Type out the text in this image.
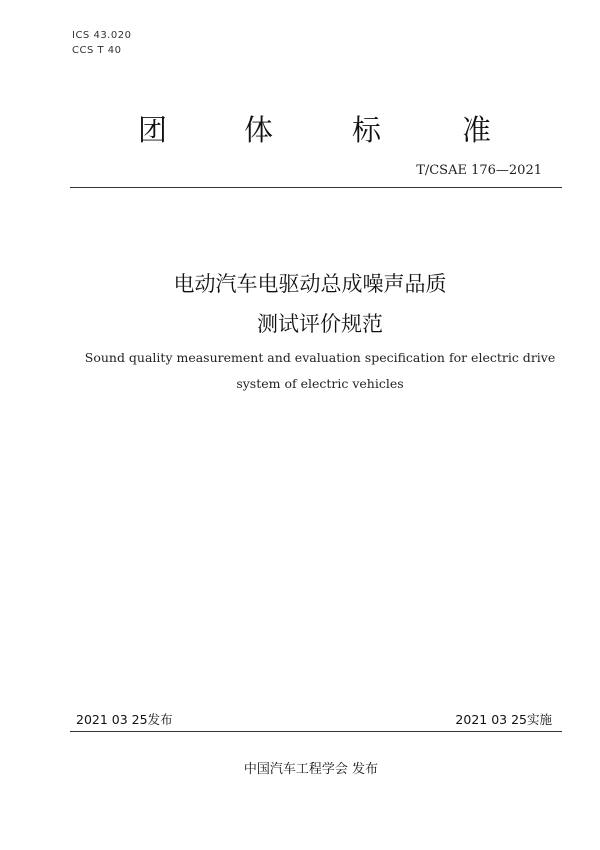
ICS 43.020
CCS T 40
团	体	标	准
T/CSAE 176—2021
电动汽车电驱动总成噪声品质
测试评价规范
Sound quality measurement and evaluation specification for electric drive
system of electric vehicles
2021 03 25发布	2021 03 25实施
中国汽车工程学会 发布
